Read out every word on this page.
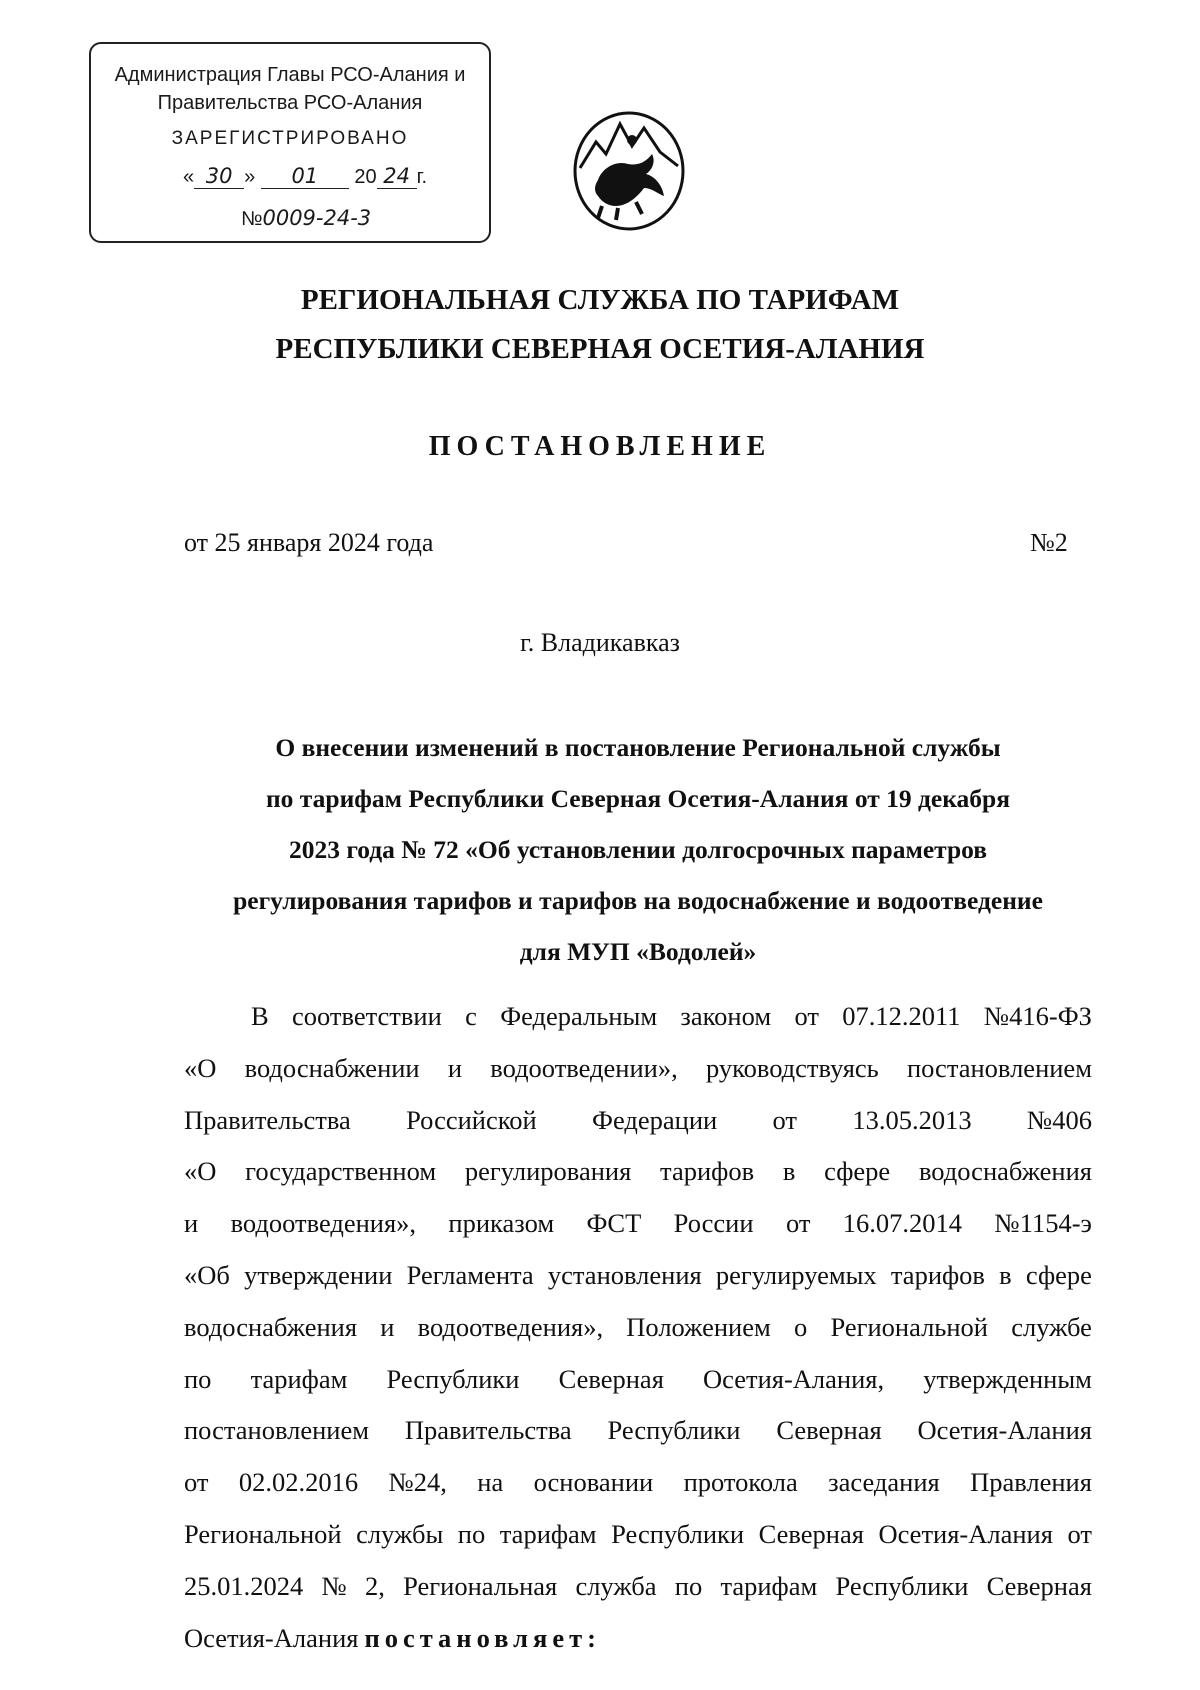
Администрация Главы РСО-Алания и
Правительства РСО-Алания
ЗАРЕГИСТРИРОВАНО
« 30 » 01 20 24 г.
№0009-24-3
РЕГИОНАЛЬНАЯ СЛУЖБА ПО ТАРИФАМ
РЕСПУБЛИКИ СЕВЕРНАЯ ОСЕТИЯ-АЛАНИЯ
ПОСТАНОВЛЕНИЕ
от 25 января 2024 года	№2
г. Владикавказ
О внесении изменений в постановление Региональной службы
по тарифам Республики Северная Осетия-Алания от 19 декабря
2023 года № 72 «Об установлении долгосрочных параметров
регулирования тарифов и тарифов на водоснабжение и водоотведение
для МУП «Водолей»
В соответствии с Федеральным законом от 07.12.2011 №416-ФЗ
«О водоснабжении и водоотведении», руководствуясь постановлением
Правительства Российской Федерации от 13.05.2013 №406
«О государственном регулирования тарифов в сфере водоснабжения
и водоотведения», приказом ФСТ России от 16.07.2014 №1154-э
«Об утверждении Регламента установления регулируемых тарифов в сфере
водоснабжения и водоотведения», Положением о Региональной службе
по тарифам Республики Северная Осетия-Алания, утвержденным
постановлением Правительства Республики Северная Осетия-Алания
от 02.02.2016 №24, на основании протокола заседания Правления
Региональной службы по тарифам Республики Северная Осетия-Алания от
25.01.2024 № 2, Региональная служба по тарифам Республики Северная
Осетия-Алания постановляет:
